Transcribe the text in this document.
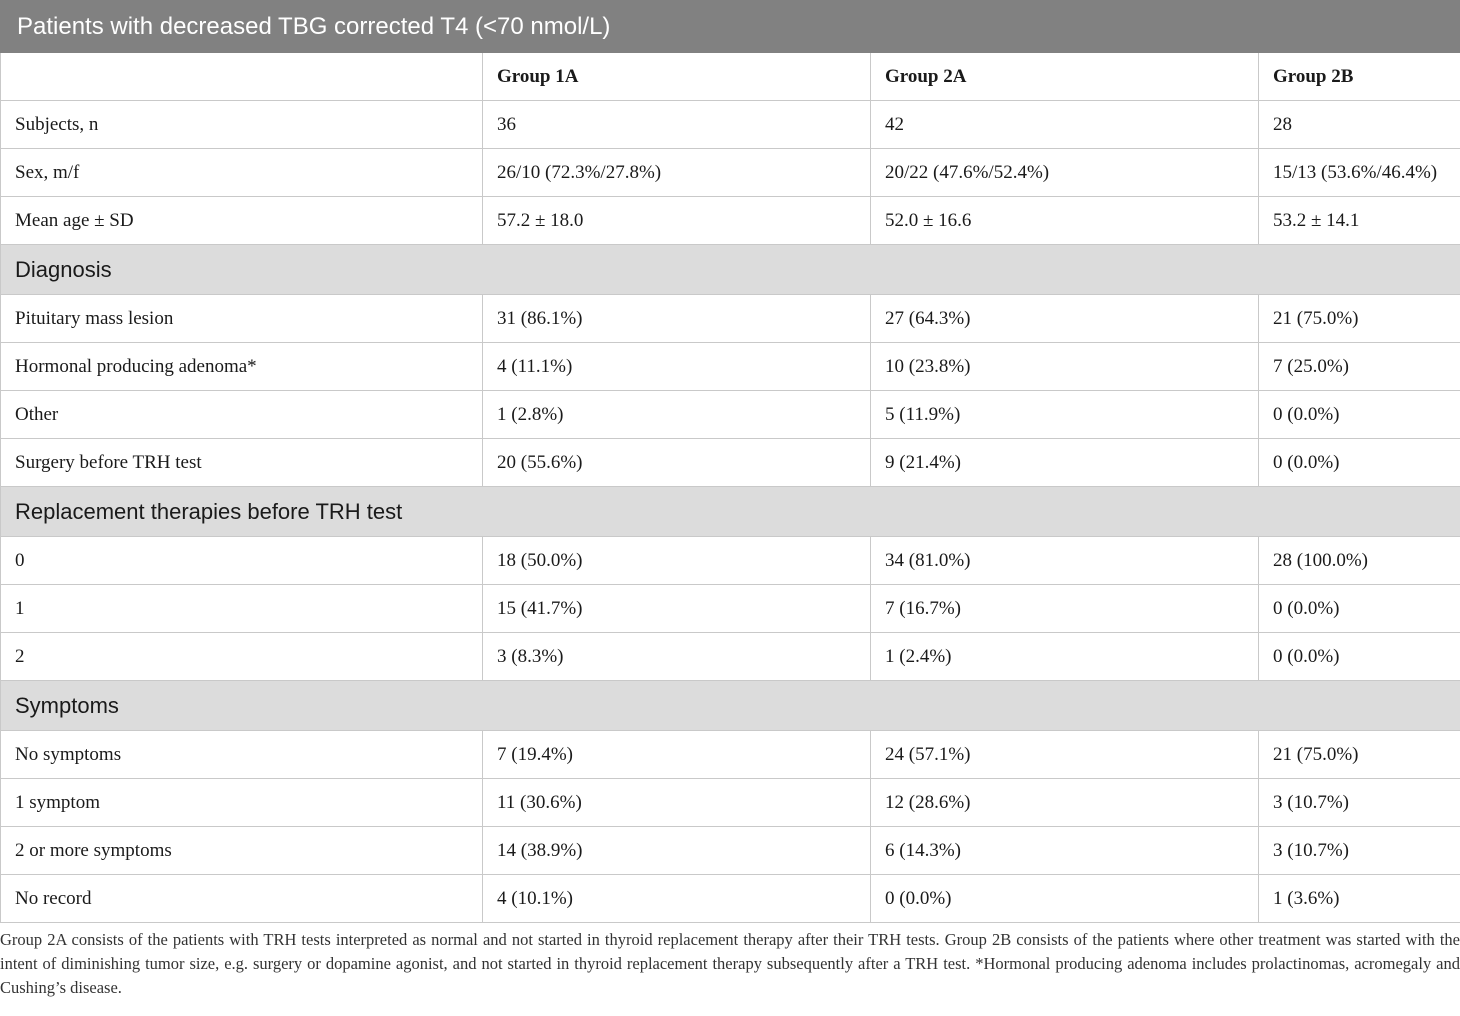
Patients with decreased TBG corrected T4 (<70 nmol/L)			
	Group 1A	Group 2A	Group 2B
Subjects, n	36	42	28
Sex, m/f	26/10 (72.3%/27.8%)	20/22 (47.6%/52.4%)	15/13 (53.6%/46.4%)
Mean age ± SD	57.2 ± 18.0	52.0 ± 16.6	53.2 ± 14.1
Diagnosis			
Pituitary mass lesion	31 (86.1%)	27 (64.3%)	21 (75.0%)
Hormonal producing adenoma*	4 (11.1%)	10 (23.8%)	7 (25.0%)
Other	1 (2.8%)	5 (11.9%)	0 (0.0%)
Surgery before TRH test	20 (55.6%)	9 (21.4%)	0 (0.0%)
Replacement therapies before TRH test			
0	18 (50.0%)	34 (81.0%)	28 (100.0%)
1	15 (41.7%)	7 (16.7%)	0 (0.0%)
2	3 (8.3%)	1 (2.4%)	0 (0.0%)
Symptoms			
No symptoms	7 (19.4%)	24 (57.1%)	21 (75.0%)
1 symptom	11 (30.6%)	12 (28.6%)	3 (10.7%)
2 or more symptoms	14 (38.9%)	6 (14.3%)	3 (10.7%)
No record	4 (10.1%)	0 (0.0%)	1 (3.6%)
Group 2A consists of the patients with TRH tests interpreted as normal and not started in thyroid replacement therapy after their TRH tests. Group 2B consists of the patients where other treatment was started with the intent of diminishing tumor size, e.g. surgery or dopamine agonist, and not started in thyroid replacement therapy subsequently after a TRH test. *Hormonal producing adenoma includes prolactinomas, acromegaly and Cushing’s disease.
